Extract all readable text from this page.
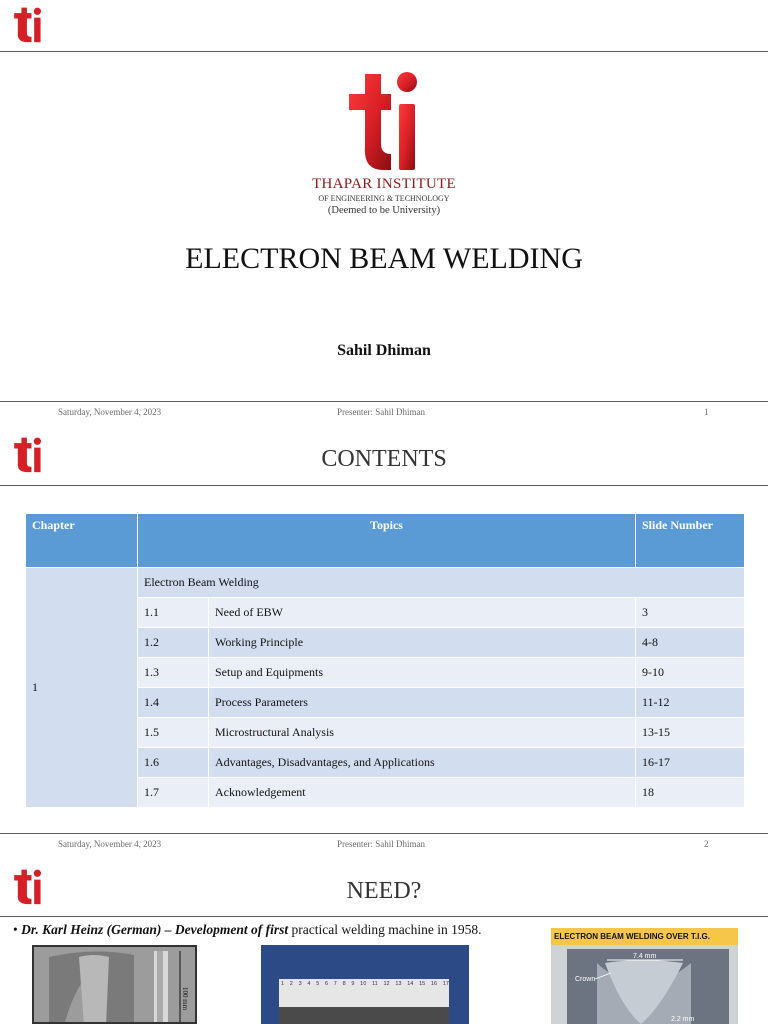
THAPAR INSTITUTE
OF ENGINEERING & TECHNOLOGY
(Deemed to be University)
ELECTRON BEAM WELDING
Sahil Dhiman
Saturday, November 4, 2023	Presenter: Sahil Dhiman	1
CONTENTS
Chapter	Topics		Slide Number
1	Electron Beam Welding		
	1.1	Need of EBW	3
	1.2	Working Principle	4-8
	1.3	Setup and Equipments	9-10
	1.4	Process Parameters	11-12
	1.5	Microstructural Analysis	13-15
	1.6	Advantages, Disadvantages, and Applications	16-17
	1.7	Acknowledgement	18
Saturday, November 4, 2023	Presenter: Sahil Dhiman	2
NEED?
• Dr. Karl Heinz (German) – Development of first practical welding machine in 1958.
100 mm
1 2 3 4 5 6 7 8 9 10 11 12 13 14 15 16 17
ELECTRON BEAM WELDING OVER T.I.G.
7.4 mm
Crown
2.2 mm
